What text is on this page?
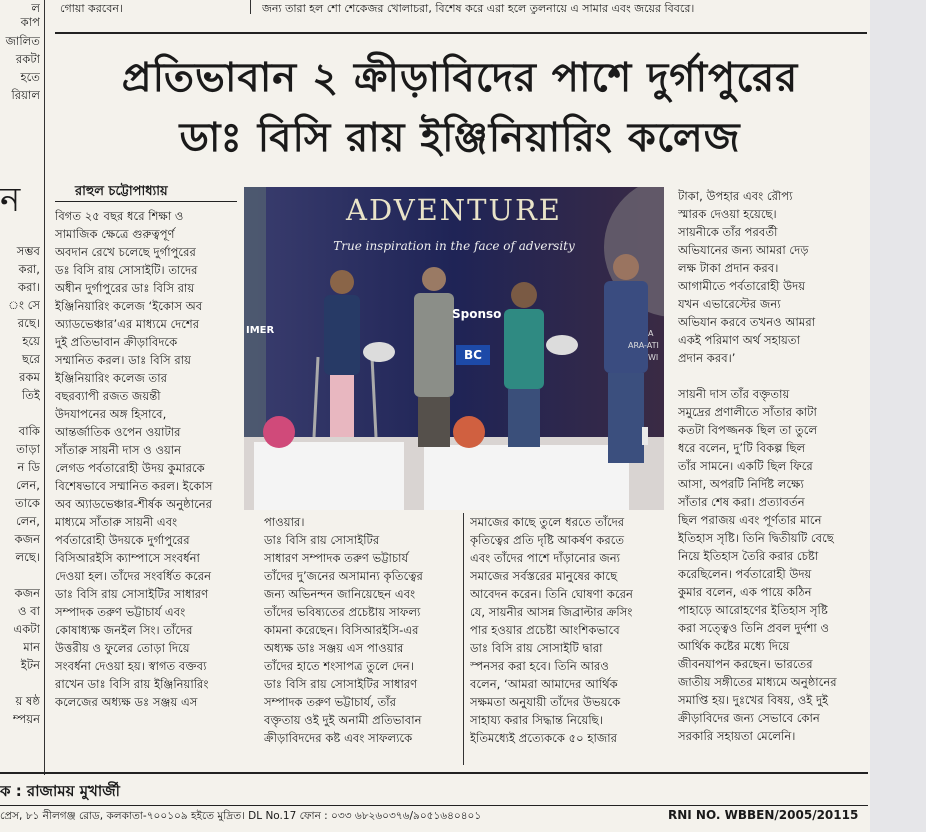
গোয়া করবেন।	জন্য তারা হল শো শেকেজর খোলাচরা, বিশেষ করে এরা হলে তুলনায়ে এ সামার এবং জয়ের বিবরে।
ল
কাপ
জালিত
রকটা
হতে
রিয়াল
সম্ভব
করা,
করা।
ং সে
রছে।
হয়ে
ছরে
রকম
তিই
বাকি
তাড়া
ন ডি
লেন,
তাকে
লেন,
কজন
লছে।
কজন
ও বা
একটা
মান
ইটন
য় ষষ্ঠ
ম্পয়ন
ন
প্রতিভাবান ২ ক্রীড়াবিদের পাশে দুর্গাপুরের
ডাঃ বিসি রায় ইঞ্জিনিয়ারিং কলেজ
রাহুল চট্টোপাধ্যায়
বিগত ২৫ বছর ধরে শিক্ষা ও
সামাজিক ক্ষেত্রে গুরুত্বপূর্ণ
অবদান রেখে চলেছে দুর্গাপুরের
ডঃ বিসি রায় সোসাইটি। তাদের
অধীন দুর্গাপুরের ডাঃ বিসি রায়
ইঞ্জিনিয়ারিং কলেজ ‘ইকোস অব
অ্যাডভেঞ্চার’এর মাধ্যমে দেশের
দুই প্রতিভাবান ক্রীড়াবিদকে
সম্মানিত করল। ডাঃ বিসি রায়
ইঞ্জিনিয়ারিং কলেজ তার
বছরব্যাপী রজত জয়ন্তী
উদযাপনের অঙ্গ হিসাবে,
আন্তর্জাতিক ওপেন ওয়াটার
সাঁতারু সায়নী দাস ও ওয়ান
লেগড পর্বতারোহী উদয় কুমারকে
বিশেষভাবে সম্মানিত করল। ইকোস
অব অ্যাডভেঞ্চার-শীর্ষক অনুষ্ঠানের
মাধ্যমে সাঁতারু সায়নী এবং
পর্বতারোহী উদয়কে দুর্গাপুরের
বিসিআরইসি ক্যাম্পাসে সংবর্ধনা
দেওয়া হল। তাঁদের সংবর্ধিত করেন
ডাঃ বিসি রায় সোসাইটির সাধারণ
সম্পাদক তরুণ ভট্টাচার্য এবং
কোষাধ্যক্ষ জনইল সিং। তাঁদের
উত্তরীয় ও ফুলের তোড়া দিয়ে
সংবর্ধনা দেওয়া হয়। স্বাগত বক্তব্য
রাখেন ডাঃ বিসি রায় ইঞ্জিনিয়ারিং
কলেজের অধ্যক্ষ ডঃ সঞ্জয় এস
ADVENTURE
True inspiration in the face of adversity
IMER
Sponso
BC
A
ARA-ATI
WI
পাওয়ার।
ডাঃ বিসি রায় সোসাইটির
সাধারণ সম্পাদক তরুণ ভট্টাচার্য
তাঁদের দু’জনের অসামান্য কৃতিত্বের
জন্য অভিনন্দন জানিয়েছেন এবং
তাঁদের ভবিষ্যতের প্রচেষ্টায় সাফল্য
কামনা করেছেন। বিসিআরইসি-এর
অধ্যক্ষ ডাঃ সঞ্জয় এস পাওয়ার
তাঁদের হাতে শংসাপত্র তুলে দেন।
ডাঃ বিসি রায় সোসাইটির সাধারণ
সম্পাদক তরুণ ভট্টাচার্য, তাঁর
বক্তৃতায় ওই দুই অনামী প্রতিভাবান
ক্রীড়াবিদদের কষ্ট এবং সাফল্যকে
সমাজের কাছে তুলে ধরতে তাঁদের
কৃতিত্বের প্রতি দৃষ্টি আকর্ষণ করতে
এবং তাঁদের পাশে দাঁড়ানোর জন্য
সমাজের সর্বস্তরের মানুষের কাছে
আবেদন করেন। তিনি ঘোষণা করেন
যে, সায়নীর আসন্ন জিব্রাল্টার ক্রসিং
পার হওয়ার প্রচেষ্টা আংশিকভাবে
ডাঃ বিসি রায় সোসাইটি দ্বারা
স্পনসর করা হবে। তিনি আরও
বলেন, ‘আমরা আমাদের আর্থিক
সক্ষমতা অনুযায়ী তাঁদের উভয়কে
সাহায্য করার সিদ্ধান্ত নিয়েছি।
ইতিমধ্যেই প্রত্যেককে ৫০ হাজার
টাকা, উপহার এবং রৌপ্য
স্মারক দেওয়া হয়েছে।
সায়নীকে তাঁর পরবর্তী
অভিযানের জন্য আমরা দেড়
লক্ষ টাকা প্রদান করব।
আগামীতে পর্বতারোহী উদয়
যখন এভারেস্টের জন্য
অভিযান করবে তখনও আমরা
একই পরিমাণ অর্থ সহায়তা
প্রদান করব।’
সায়নী দাস তাঁর বক্তৃতায়
সমুদ্রের প্রণালীতে সাঁতার কাটা
কতটা বিপজ্জনক ছিল তা তুলে
ধরে বলেন, দু’টি বিকল্প ছিল
তাঁর সামনে। একটি ছিল ফিরে
আসা, অপরটি নির্দিষ্ট লক্ষ্যে
সাঁতার শেষ করা। প্রত্যাবর্তন
ছিল পরাজয় এবং পূর্ণতার মানে
ইতিহাস সৃষ্টি। তিনি দ্বিতীয়টি বেছে
নিয়ে ইতিহাস তৈরি করার চেষ্টা
করেছিলেন। পর্বতারোহী উদয়
কুমার বলেন, এক পায়ে কঠিন
পাহাড়ে আরোহণের ইতিহাস সৃষ্টি
করা সত্ত্বেও তিনি প্রবল দুর্দশা ও
আর্থিক কষ্টের মধ্যে দিয়ে
জীবনযাপন করছেন। ভারতের
জাতীয় সঙ্গীতের মাধ্যমে অনুষ্ঠানের
সমাপ্তি হয়। দুঃখের বিষয়, ওই দুই
ক্রীড়াবিদের জন্য সেভাবে কোন
সরকারি সহায়তা মেলেনি।
ক : রাজাময় মুখার্জী
প্রেস, ৮১ নীলগঞ্জ রোড, কলকাতা-৭০০১০৯ হইতে মুদ্রিত। DL No.17 ফোন : ০৩৩ ৬৮২৬০৩৭৬/৯০৫১৬৪০৪০১	RNI NO. WBBEN/2005/20115
